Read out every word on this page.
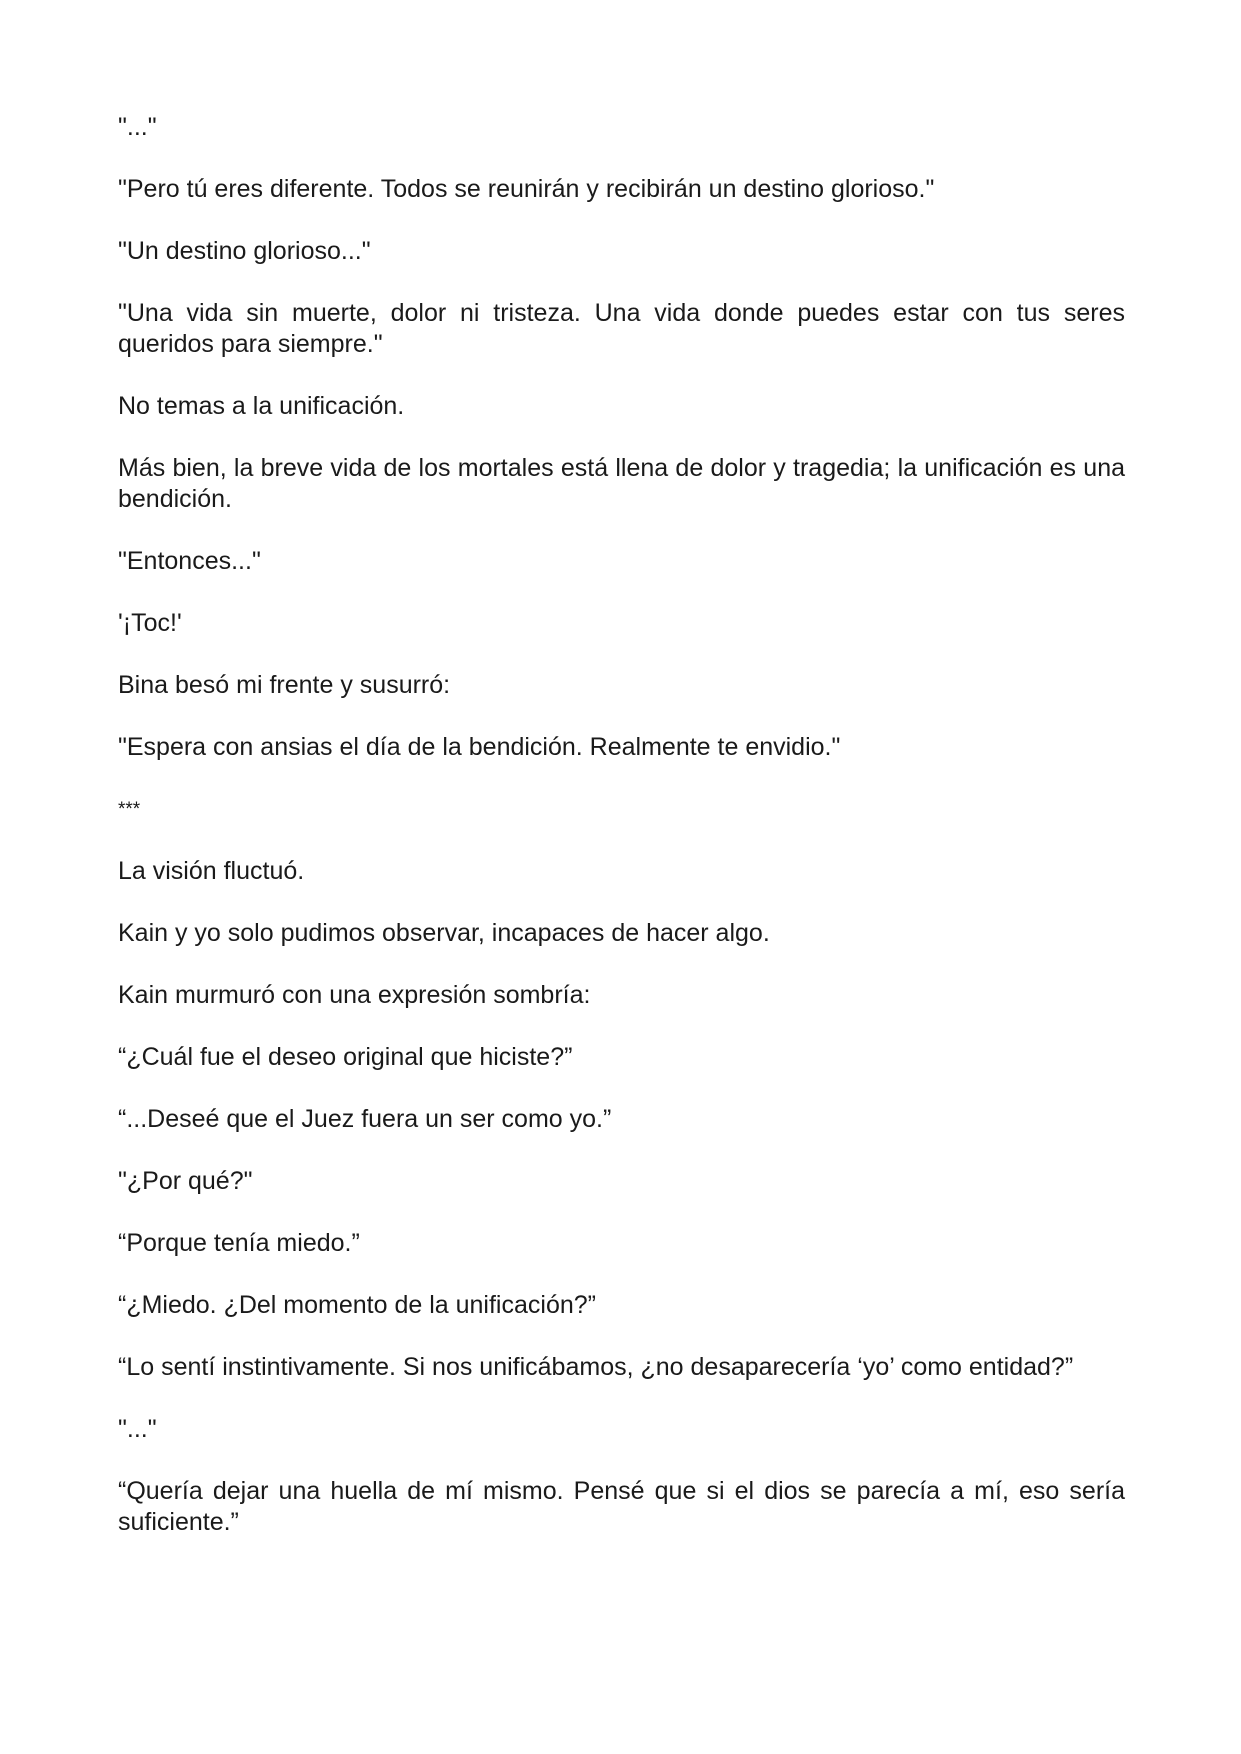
"..."

"Pero tú eres diferente. Todos se reunirán y recibirán un destino glorioso."

"Un destino glorioso..."

"Una vida sin muerte, dolor ni tristeza. Una vida donde puedes estar con tus seres queridos para siempre."

No temas a la unificación.

Más bien, la breve vida de los mortales está llena de dolor y tragedia; la unificación es una bendición.

"Entonces..."

'¡Toc!'

Bina besó mi frente y susurró:

"Espera con ansias el día de la bendición. Realmente te envidio."

***

La visión fluctuó.

Kain y yo solo pudimos observar, incapaces de hacer algo.

Kain murmuró con una expresión sombría:

“¿Cuál fue el deseo original que hiciste?”

“...Deseé que el Juez fuera un ser como yo.”

"¿Por qué?"

“Porque tenía miedo.”

“¿Miedo. ¿Del momento de la unificación?”

“Lo sentí instintivamente. Si nos unificábamos, ¿no desaparecería ‘yo’ como entidad?”

"..."

“Quería dejar una huella de mí mismo. Pensé que si el dios se parecía a mí, eso sería suficiente.”
